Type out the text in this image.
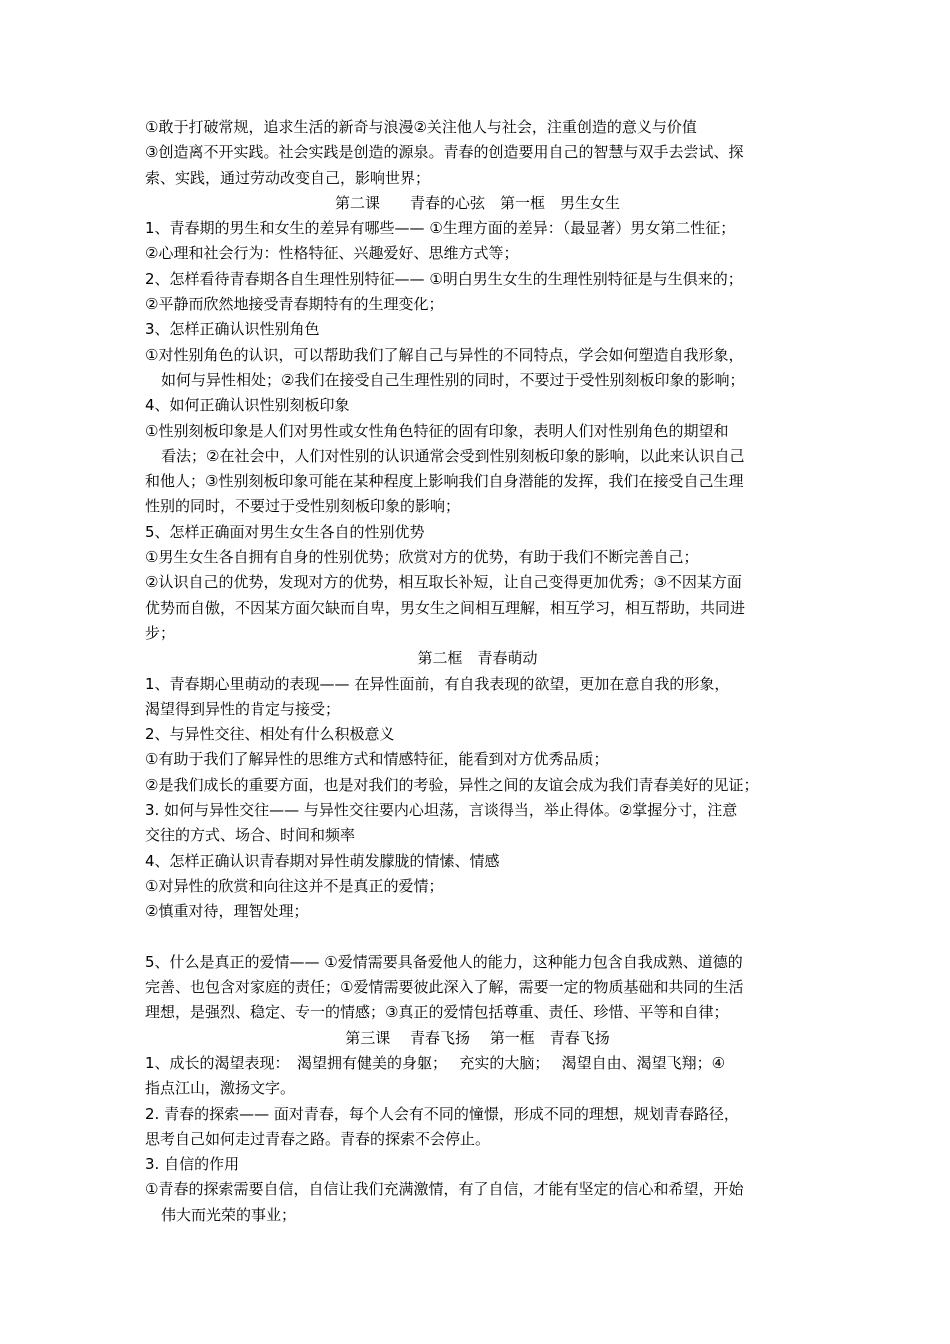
①敢于打破常规，追求生活的新奇与浪漫②关注他人与社会，注重创造的意义与价值
③创造离不开实践。社会实践是创造的源泉。青春的创造要用自己的智慧与双手去尝试、探
索、实践，通过劳动改变自己，影响世界；
第二课　　青春的心弦　第一框　男生女生
1、青春期的男生和女生的差异有哪些—— ①生理方面的差异：（最显著）男女第二性征；
②心理和社会行为：性格特征、兴趣爱好、思维方式等；
2、怎样看待青春期各自生理性别特征—— ①明白男生女生的生理性别特征是与生俱来的；
②平静而欣然地接受青春期特有的生理变化；
3、怎样正确认识性别角色
①对性别角色的认识，可以帮助我们了解自己与异性的不同特点，学会如何塑造自我形象，
如何与异性相处；②我们在接受自己生理性别的同时，不要过于受性别刻板印象的影响；
4、如何正确认识性别刻板印象
①性别刻板印象是人们对男性或女性角色特征的固有印象，表明人们对性别角色的期望和
看法；②在社会中，人们对性别的认识通常会受到性别刻板印象的影响，以此来认识自己
和他人；③性别刻板印象可能在某种程度上影响我们自身潜能的发挥，我们在接受自己生理
性别的同时，不要过于受性别刻板印象的影响；
5、怎样正确面对男生女生各自的性别优势
①男生女生各自拥有自身的性别优势；欣赏对方的优势，有助于我们不断完善自己；
②认识自己的优势，发现对方的优势，相互取长补短，让自己变得更加优秀；③不因某方面
优势而自傲，不因某方面欠缺而自卑，男女生之间相互理解，相互学习，相互帮助，共同进
步；
第二框　青春萌动
1、青春期心里萌动的表现—— 在异性面前，有自我表现的欲望，更加在意自我的形象，
渴望得到异性的肯定与接受；
2、与异性交往、相处有什么积极意义
①有助于我们了解异性的思维方式和情感特征，能看到对方优秀品质；
②是我们成长的重要方面，也是对我们的考验，异性之间的友谊会成为我们青春美好的见证；
3. 如何与异性交往—— 与异性交往要内心坦荡，言谈得当，举止得体。②掌握分寸，注意
交往的方式、场合、时间和频率
4、怎样正确认识青春期对异性萌发朦胧的情愫、情感
①对异性的欣赏和向往这并不是真正的爱情；
②慎重对待，理智处理；
5、什么是真正的爱情—— ①爱情需要具备爱他人的能力，这种能力包含自我成熟、道德的
完善、也包含对家庭的责任；①爱情需要彼此深入了解，需要一定的物质基础和共同的生活
理想，是强烈、稳定、专一的情感；③真正的爱情包括尊重、责任、珍惜、平等和自律；
第三课　 青春飞扬　 第一框　青春飞扬
1、成长的渴望表现：　渴望拥有健美的身躯；　 充实的大脑；　 渴望自由、渴望飞翔；④
指点江山，激扬文字。
2. 青春的探索—— 面对青春，每个人会有不同的憧憬，形成不同的理想，规划青春路径，
思考自己如何走过青春之路。青春的探索不会停止。
3. 自信的作用
①青春的探索需要自信，自信让我们充满激情，有了自信，才能有坚定的信心和希望，开始
伟大而光荣的事业；
